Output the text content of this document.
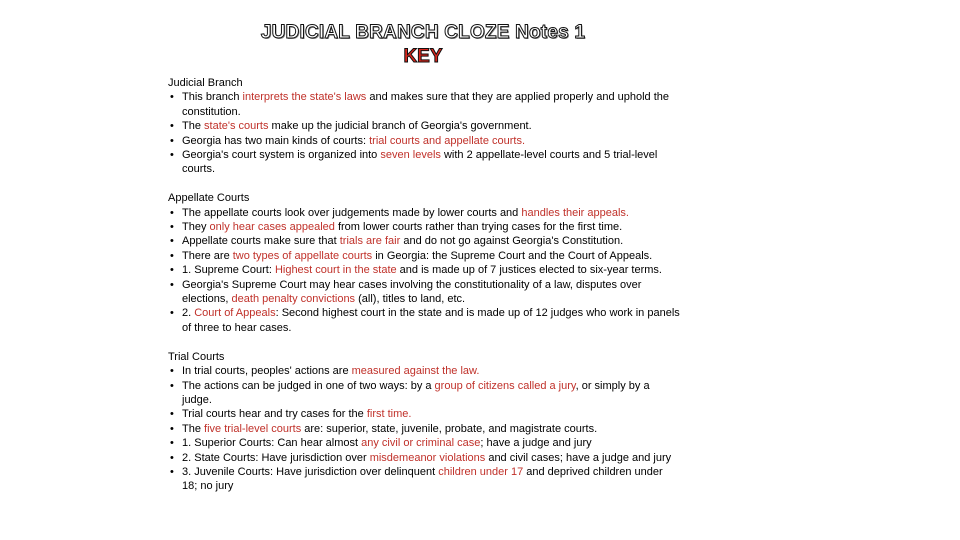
JUDICIAL BRANCH CLOZE Notes 1
KEY
Judicial Branch
• This branch interprets the state's laws and makes sure that they are applied properly and uphold the constitution.
• The state's courts make up the judicial branch of Georgia's government.
• Georgia has two main kinds of courts: trial courts and appellate courts.
• Georgia's court system is organized into seven levels with 2 appellate-level courts and 5 trial-level courts.
Appellate Courts
• The appellate courts look over judgements made by lower courts and handles their appeals.
• They only hear cases appealed from lower courts rather than trying cases for the first time.
• Appellate courts make sure that trials are fair and do not go against Georgia's Constitution.
• There are two types of appellate courts in Georgia: the Supreme Court and the Court of Appeals.
• 1. Supreme Court: Highest court in the state and is made up of 7 justices elected to six-year terms.
• Georgia's Supreme Court may hear cases involving the constitutionality of a law, disputes over elections, death penalty convictions (all), titles to land, etc.
• 2. Court of Appeals: Second highest court in the state and is made up of 12 judges who work in panels of three to hear cases.
Trial Courts
• In trial courts, peoples' actions are measured against the law.
• The actions can be judged in one of two ways: by a group of citizens called a jury, or simply by a judge.
• Trial courts hear and try cases for the first time.
• The five trial-level courts are: superior, state, juvenile, probate, and magistrate courts.
• 1. Superior Courts: Can hear almost any civil or criminal case; have a judge and jury
• 2. State Courts: Have jurisdiction over misdemeanor violations and civil cases; have a judge and jury
• 3. Juvenile Courts: Have jurisdiction over delinquent children under 17 and deprived children under 18; no jury
